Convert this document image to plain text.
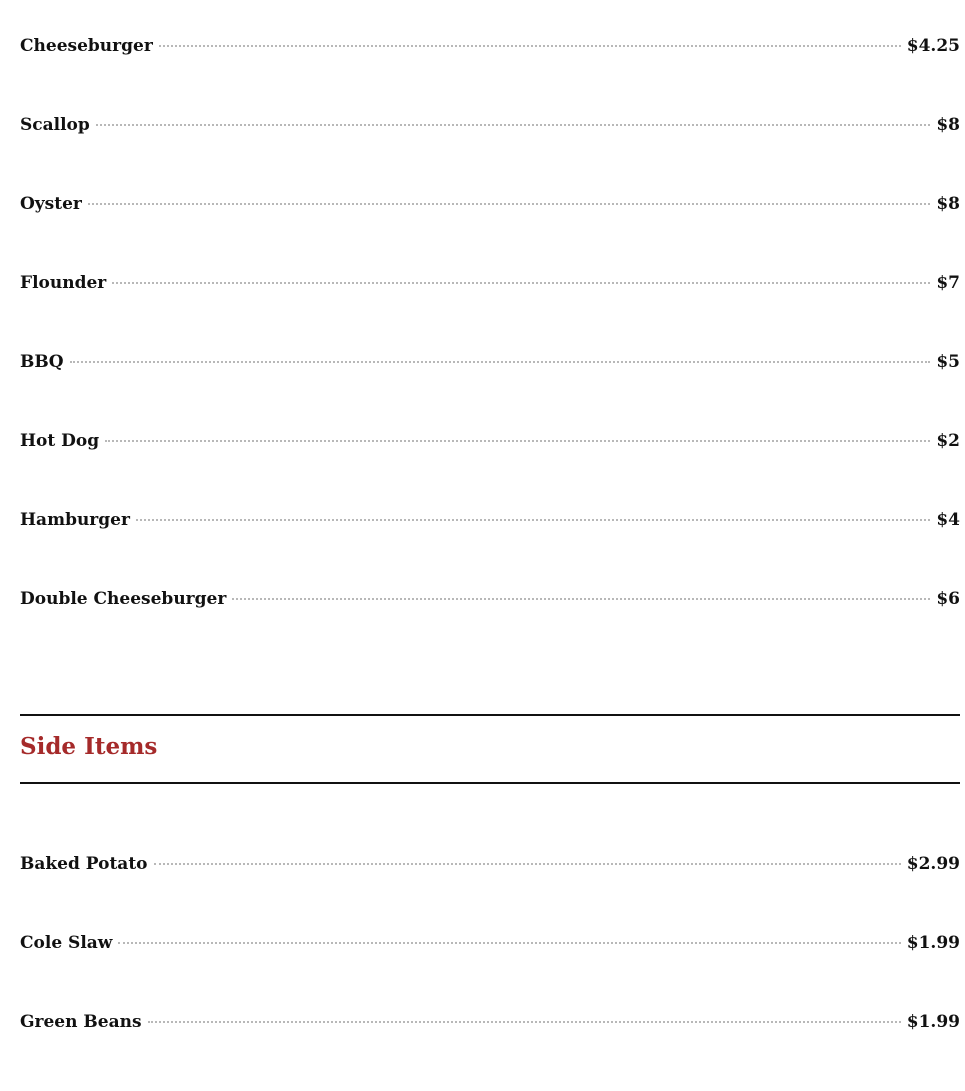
Cheeseburger	$4.25
Scallop	$8
Oyster	$8
Flounder	$7
BBQ	$5
Hot Dog	$2
Hamburger	$4
Double Cheeseburger	$6
Side Items
Baked Potato	$2.99
Cole Slaw	$1.99
Green Beans	$1.99
